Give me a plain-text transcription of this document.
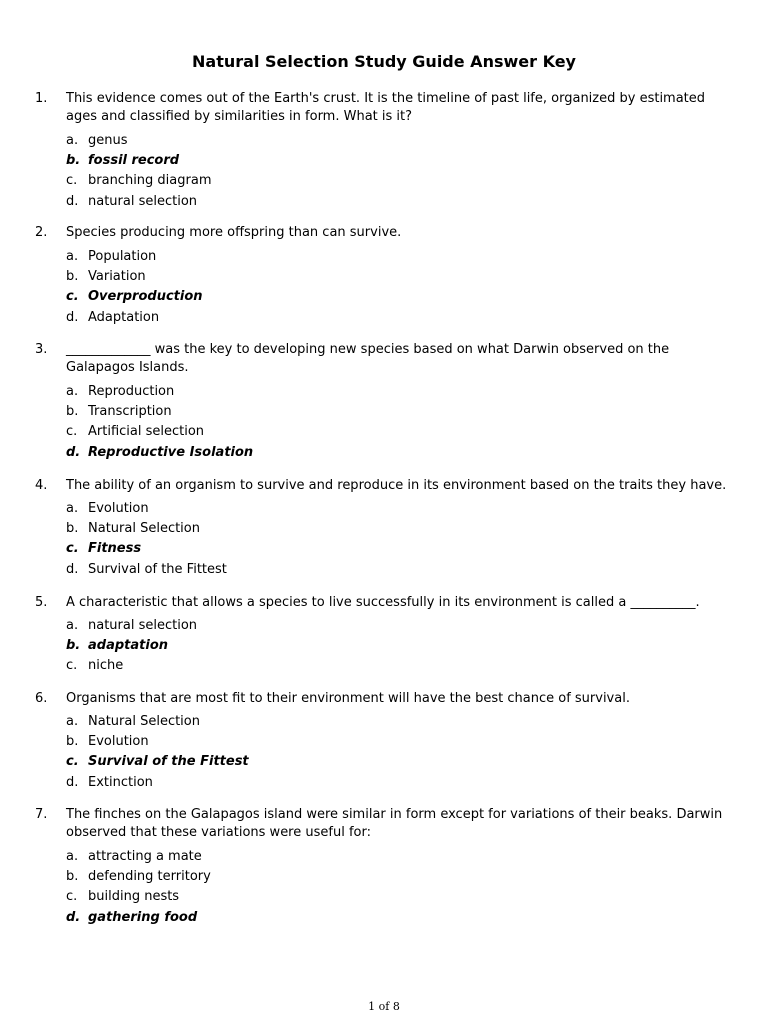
Natural Selection Study Guide Answer Key
1. This evidence comes out of the Earth's crust. It is the timeline of past life, organized by estimated ages and classified by similarities in form. What is it?
a. genus
b. fossil record
c. branching diagram
d. natural selection
2. Species producing more offspring than can survive.
a. Population
b. Variation
c. Overproduction
d. Adaptation
3. _____________ was the key to developing new species based on what Darwin observed on the Galapagos Islands.
a. Reproduction
b. Transcription
c. Artificial selection
d. Reproductive Isolation
4. The ability of an organism to survive and reproduce in its environment based on the traits they have.
a. Evolution
b. Natural Selection
c. Fitness
d. Survival of the Fittest
5. A characteristic that allows a species to live successfully in its environment is called a __________.
a. natural selection
b. adaptation
c. niche
6. Organisms that are most fit to their environment will have the best chance of survival.
a. Natural Selection
b. Evolution
c. Survival of the Fittest
d. Extinction
7. The finches on the Galapagos island were similar in form except for variations of their beaks. Darwin observed that these variations were useful for:
a. attracting a mate
b. defending territory
c. building nests
d. gathering food
1 of 8
